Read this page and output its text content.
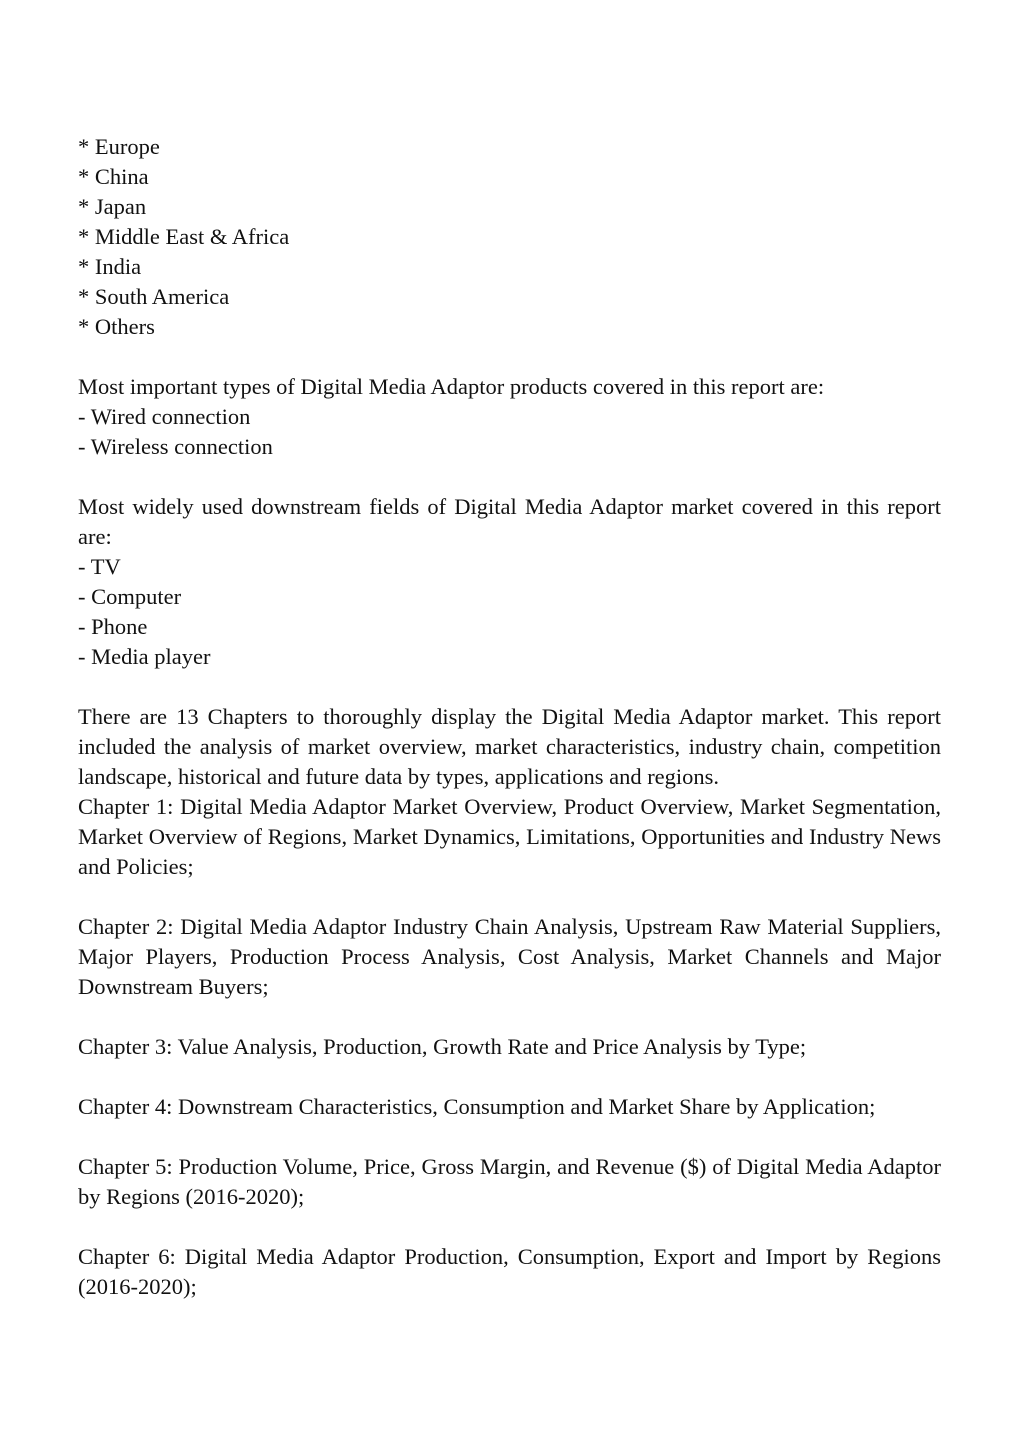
* Europe
* China
* Japan
* Middle East & Africa
* India
* South America
* Others
Most important types of Digital Media Adaptor products covered in this report are:
- Wired connection
- Wireless connection
Most widely used downstream fields of Digital Media Adaptor market covered in this report are:
- TV
- Computer
- Phone
- Media player
There are 13 Chapters to thoroughly display the Digital Media Adaptor market. This report included the analysis of market overview, market characteristics, industry chain, competition landscape, historical and future data by types, applications and regions.
Chapter 1: Digital Media Adaptor Market Overview, Product Overview, Market Segmentation, Market Overview of Regions, Market Dynamics, Limitations, Opportunities and Industry News and Policies;
Chapter 2: Digital Media Adaptor Industry Chain Analysis, Upstream Raw Material Suppliers, Major Players, Production Process Analysis, Cost Analysis, Market Channels and Major Downstream Buyers;
Chapter 3: Value Analysis, Production, Growth Rate and Price Analysis by Type;
Chapter 4: Downstream Characteristics, Consumption and Market Share by Application;
Chapter 5: Production Volume, Price, Gross Margin, and Revenue ($) of Digital Media Adaptor by Regions (2016-2020);
Chapter 6: Digital Media Adaptor Production, Consumption, Export and Import by Regions (2016-2020);
